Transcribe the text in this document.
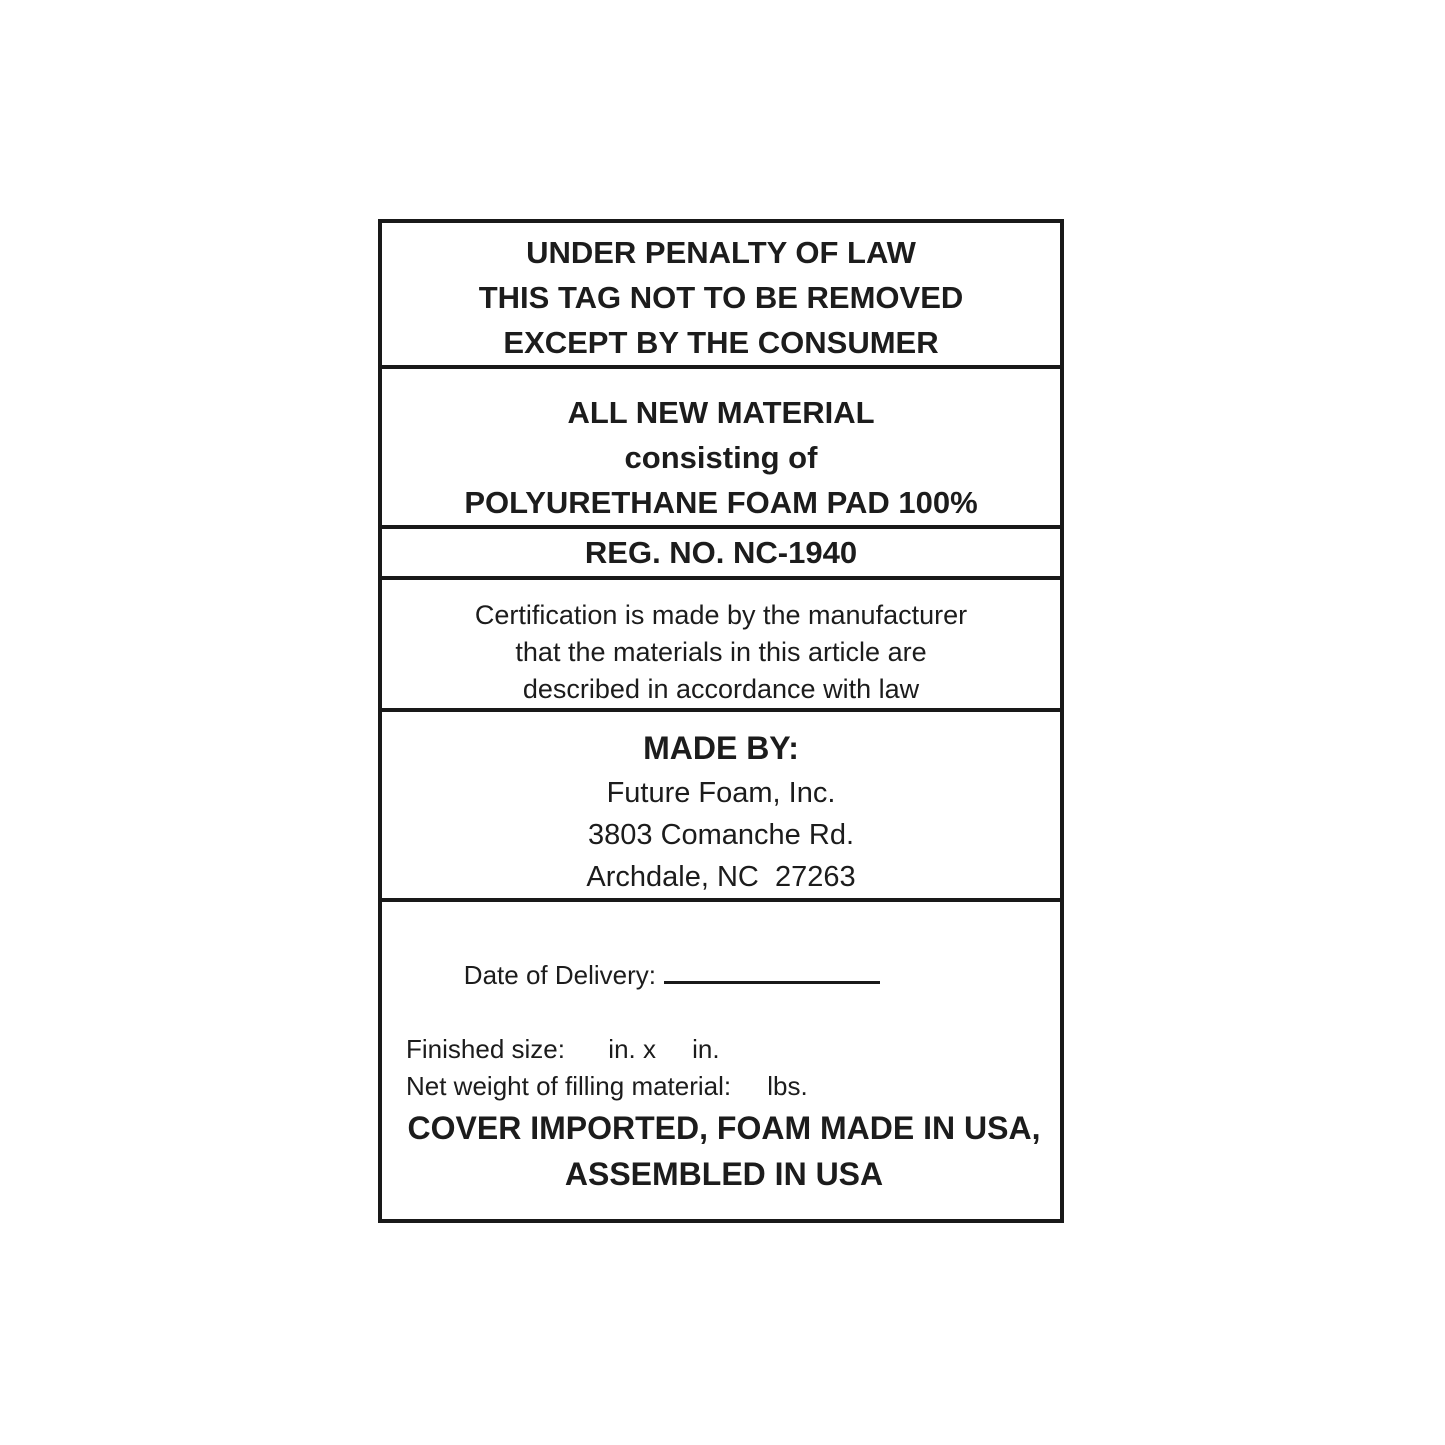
UNDER PENALTY OF LAW
THIS TAG NOT TO BE REMOVED
EXCEPT BY THE CONSUMER
ALL NEW MATERIAL
consisting of
POLYURETHANE FOAM PAD 100%
REG. NO. NC-1940
Certification is made by the manufacturer
that the materials in this article are
described in accordance with law
MADE BY:
Future Foam, Inc.
3803 Comanche Rd.
Archdale, NC  27263

Date of Delivery:

Finished size:      in. x     in.
Net weight of filling material:     lbs.
COVER IMPORTED, FOAM MADE IN USA,
ASSEMBLED IN USA
